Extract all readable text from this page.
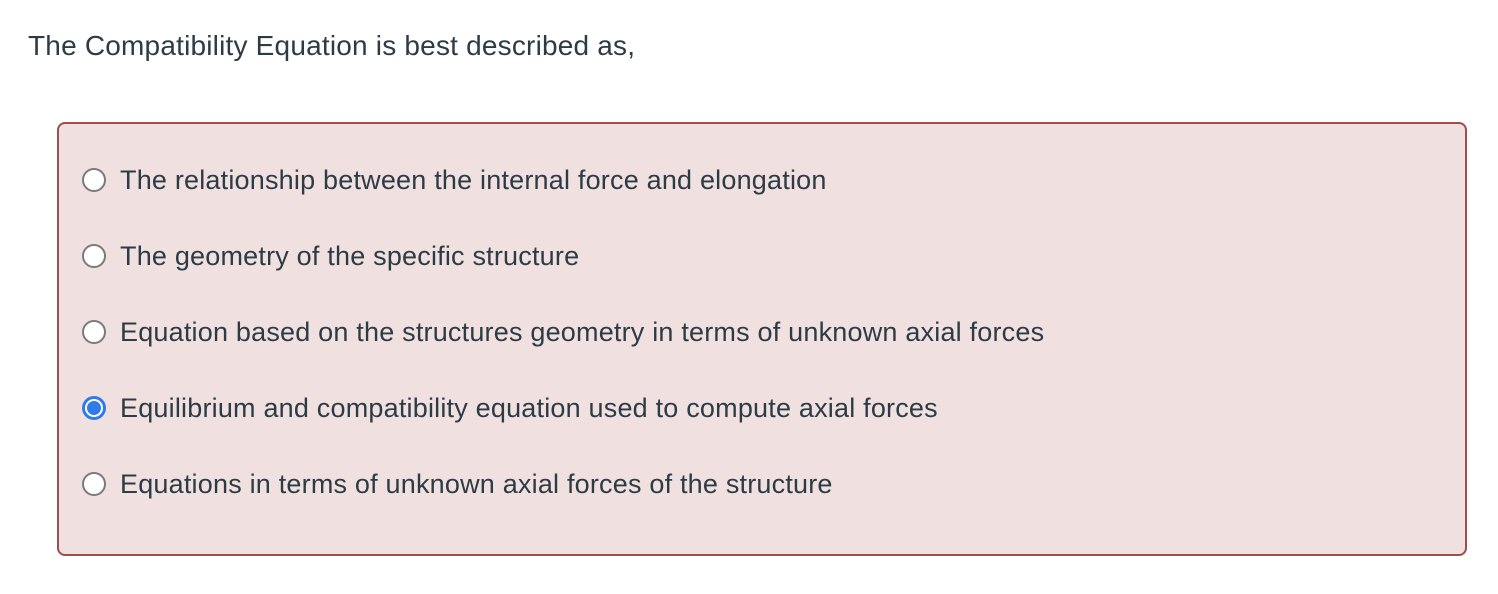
The Compatibility Equation is best described as,
The relationship between the internal force and elongation
The geometry of the specific structure
Equation based on the structures geometry in terms of unknown axial forces
Equilibrium and compatibility equation used to compute axial forces
Equations in terms of unknown axial forces of the structure
